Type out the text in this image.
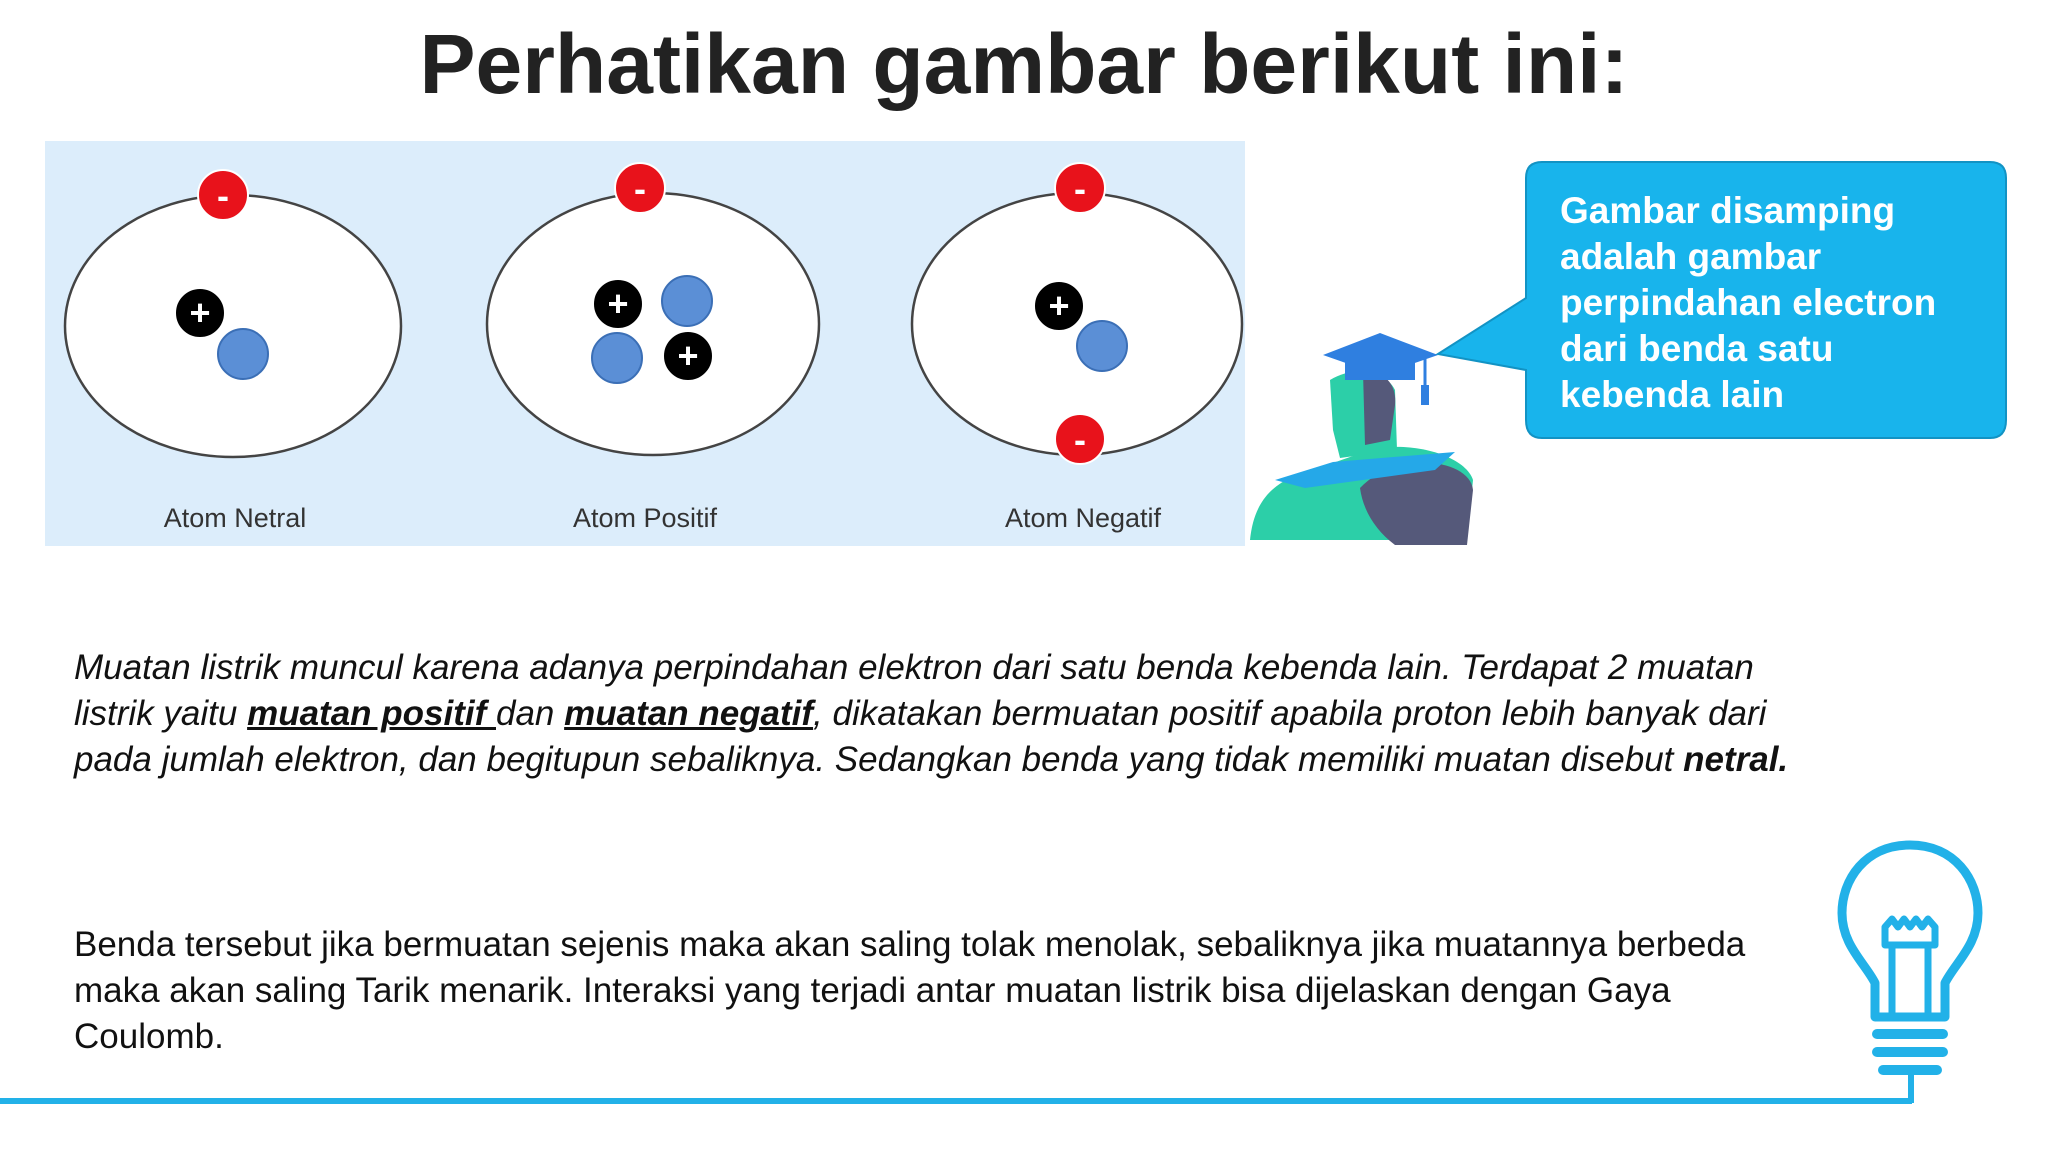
Perhatikan gambar berikut ini:
+
-
+
+
-
+
-
-
Atom Netral	Atom Positif	Atom Negatif
Gambar disamping
adalah gambar
perpindahan electron
dari benda satu
kebenda lain

Muatan listrik muncul karena adanya perpindahan elektron dari satu benda kebenda lain. Terdapat 2 muatan listrik yaitu muatan positif dan muatan negatif, dikatakan bermuatan positif apabila proton lebih banyak dari pada jumlah elektron, dan begitupun sebaliknya. Sedangkan benda yang tidak memiliki muatan disebut netral.

Benda tersebut jika bermuatan sejenis maka akan saling tolak menolak, sebaliknya jika muatannya berbeda maka akan saling Tarik menarik. Interaksi yang terjadi antar muatan listrik bisa dijelaskan dengan Gaya Coulomb.
